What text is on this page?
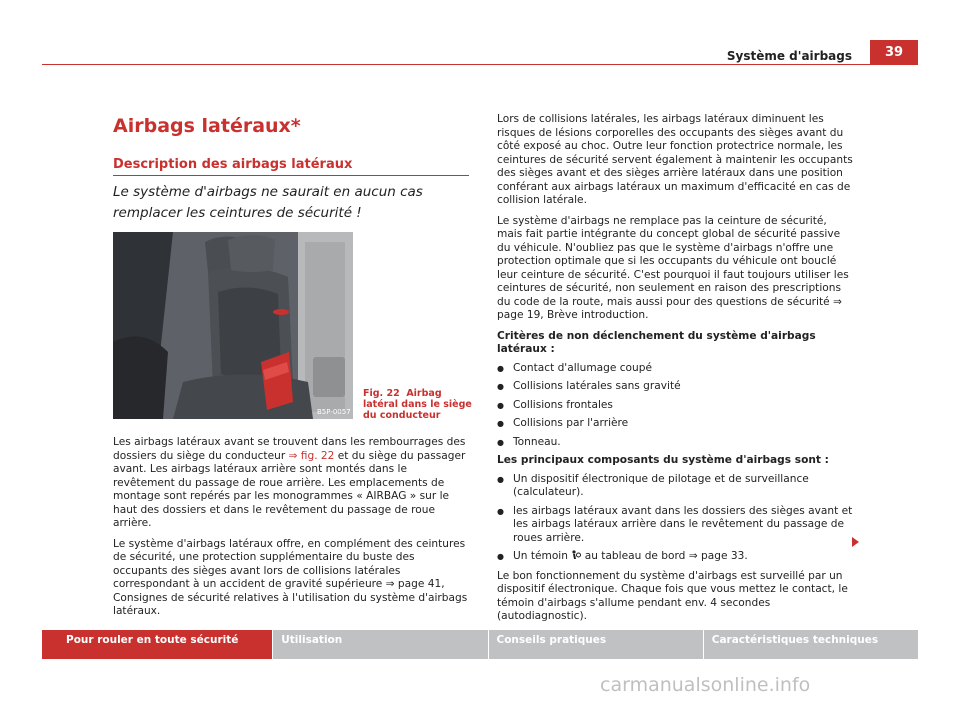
Système d'airbags	39
Airbags latéraux*
Description des airbags latéraux

Le système d'airbags ne saurait en aucun cas remplacer les ceintures de sécurité !

B5P-0057
Fig. 22 Airbag latéral dans le siège du conducteur

Les airbags latéraux avant se trouvent dans les rembourrages des dossiers du siège du conducteur ⇒ fig. 22 et du siège du passager avant. Les airbags latéraux arrière sont montés dans le revêtement du passage de roue arrière. Les emplacements de montage sont repérés par les monogrammes « AIRBAG » sur le haut des dossiers et dans le revêtement du passage de roue arrière.

Le système d'airbags latéraux offre, en complément des ceintures de sécurité, une protection supplémentaire du buste des occupants des sièges avant lors de collisions latérales correspondant à un accident de gravité supérieure ⇒ page 41, Consignes de sécurité relatives à l'utilisation du système d'airbags latéraux.

Lors de collisions latérales, les airbags latéraux diminuent les risques de lésions corporelles des occupants des sièges avant du côté exposé au choc. Outre leur fonction protectrice normale, les ceintures de sécurité servent également à maintenir les occupants des sièges avant et des sièges arrière latéraux dans une position conférant aux airbags latéraux un maximum d'efficacité en cas de collision latérale.

Le système d'airbags ne remplace pas la ceinture de sécurité, mais fait partie intégrante du concept global de sécurité passive du véhicule. N'oubliez pas que le système d'airbags n'offre une protection optimale que si les occupants du véhicule ont bouclé leur ceinture de sécurité. C'est pourquoi il faut toujours utiliser les ceintures de sécurité, non seulement en raison des prescriptions du code de la route, mais aussi pour des questions de sécurité ⇒ page 19, Brève introduction.

Critères de non déclenchement du système d'airbags latéraux :

● Contact d'allumage coupé
● Collisions latérales sans gravité
● Collisions frontales
● Collisions par l'arrière
● Tonneau.

Les principaux composants du système d'airbags sont :

● Un dispositif électronique de pilotage et de surveillance (calculateur).
● les airbags latéraux avant dans les dossiers des sièges avant et les airbags latéraux arrière dans le revêtement du passage de roues arrière.
● Un témoin  au tableau de bord ⇒ page 33.

Le bon fonctionnement du système d'airbags est surveillé par un dispositif électronique. Chaque fois que vous mettez le contact, le témoin d'airbags s'allume pendant env. 4 secondes (autodiagnostic).

Pour rouler en toute sécurité	Utilisation	Conseils pratiques	Caractéristiques techniques
carmanualsonline.info
